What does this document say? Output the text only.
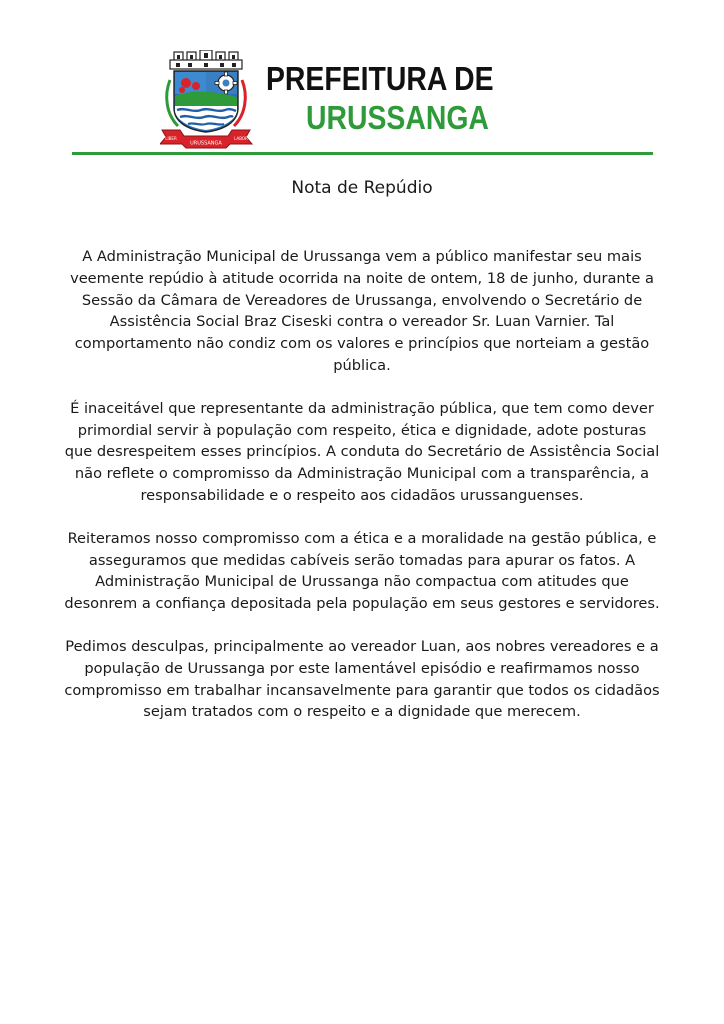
LIBER	LABOR
URUSSANGA
PREFEITURA DE
URUSSANGA
Nota de Repúdio

A Administração Municipal de Urussanga vem a público manifestar seu mais veemente repúdio à atitude ocorrida na noite de ontem, 18 de junho, durante a Sessão da Câmara de Vereadores de Urussanga, envolvendo o Secretário de Assistência Social Braz Ciseski contra o vereador Sr. Luan Varnier. Tal comportamento não condiz com os valores e princípios que norteiam a gestão pública.

É inaceitável que representante da administração pública, que tem como dever primordial servir à população com respeito, ética e dignidade, adote posturas que desrespeitem esses princípios. A conduta do Secretário de Assistência Social não reflete o compromisso da Administração Municipal com a transparência, a responsabilidade e o respeito aos cidadãos urussanguenses.

Reiteramos nosso compromisso com a ética e a moralidade na gestão pública, e asseguramos que medidas cabíveis serão tomadas para apurar os fatos. A Administração Municipal de Urussanga não compactua com atitudes que desonrem a confiança depositada pela população em seus gestores e servidores.

Pedimos desculpas, principalmente ao vereador Luan, aos nobres vereadores e a população de Urussanga por este lamentável episódio e reafirmamos nosso compromisso em trabalhar incansavelmente para garantir que todos os cidadãos sejam tratados com o respeito e a dignidade que merecem.
